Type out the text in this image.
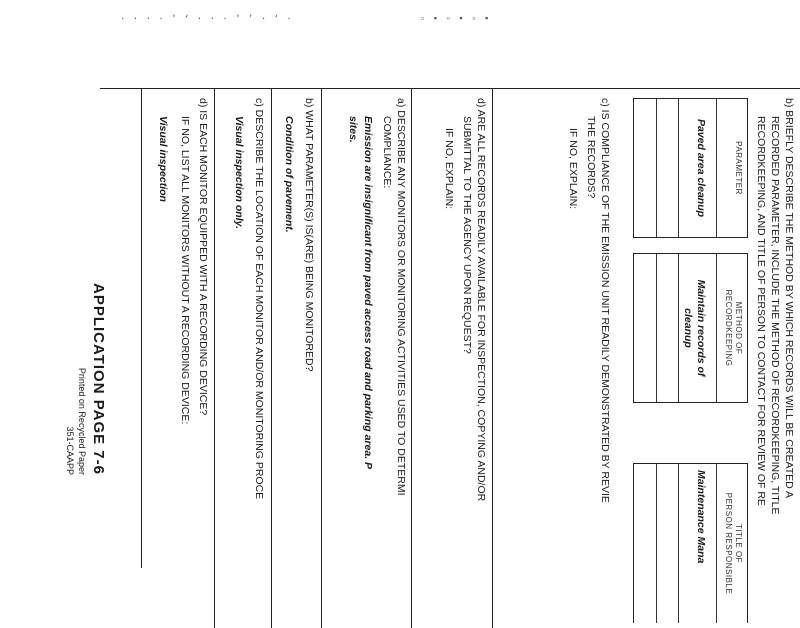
· · · · ′ ‘ · · · ′ ’ · ‘ ·	▫ ▪ ▫ ▪ ▫ ▪
b) BRIEFLY DESCRIBE THE METHOD BY WHICH RECORDS WILL BE CREATED A
RECORDED PARAMETER, INCLUDE THE METHOD OF RECORDKEEPING, TITLE
RECORDKEEPING, AND TITLE OF PERSON TO CONTACT FOR REVIEW OF RE
PARAMETER
Paved area cleanup
METHOD OF
RECORDKEEPING
Maintain records of cleanup
TITLE OF
PERSON RESPONSIBLE
Maintenance Mana
c) IS COMPLIANCE OF THE EMISSION UNIT READILY DEMONSTRATED BY REVIE
THE RECORDS?
IF NO, EXPLAIN:
d) ARE ALL RECORDS READILY AVAILABLE FOR INSPECTION, COPYING AND/OR
SUBMITTAL TO THE AGENCY UPON REQUEST?
IF NO, EXPLAIN:
a) DESCRIBE ANY MONITORS OR MONITORING ACTIVITIES USED TO DETERMI
COMPLIANCE:
Emission are insignificant from paved access road and parking area. P
sites.
b) WHAT PARAMETER(S) IS(ARE) BEING MONITORED?
Condition of pavement.
c) DESCRIBE THE LOCATION OF EACH MONITOR AND/OR MONITORING PROCE
Visual inspection only.
d) IS EACH MONITOR EQUIPPED WITH A RECORDING DEVICE?
IF NO, LIST ALL MONITORS WITHOUT A RECORDING DEVICE:
Visual inspection
APPLICATION PAGE 7-6
Printed on Recycled Paper
351-CAAPP
